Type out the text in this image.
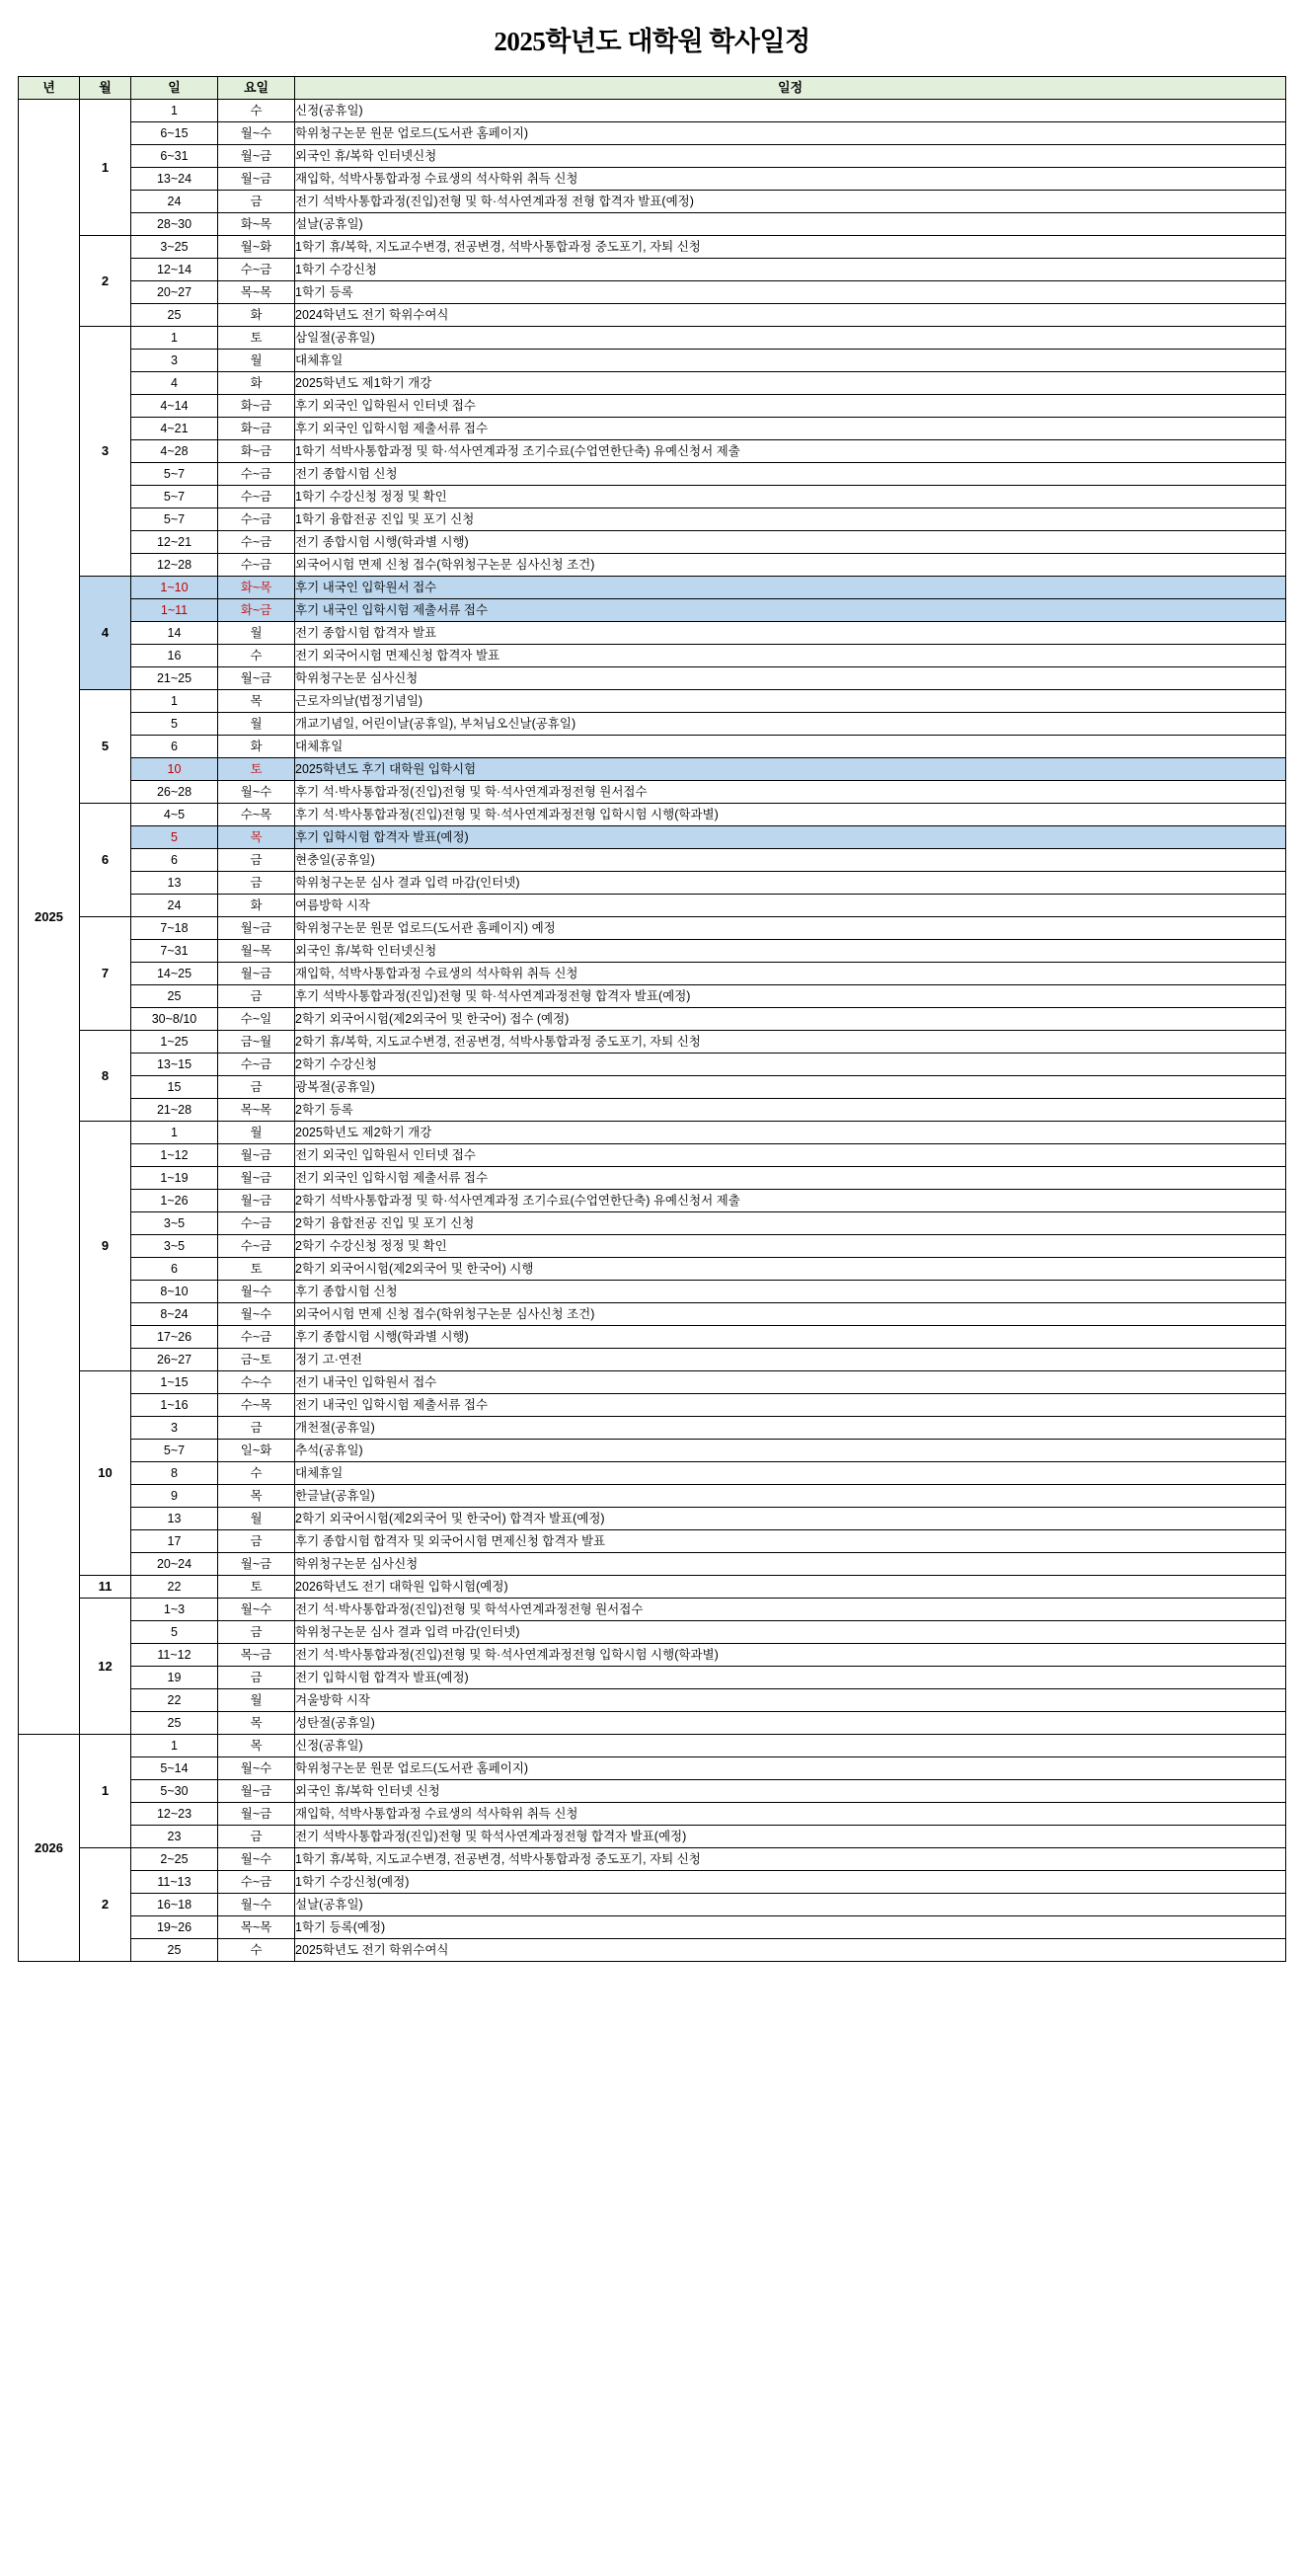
2025학년도 대학원 학사일정
년	월	일	요일	일정
2025	1	1	수	신정(공휴일)
		6~15	월~수	학위청구논문 원문 업로드(도서관 홈페이지)
		6~31	월~금	외국인 휴/복학 인터넷신청
		13~24	월~금	재입학, 석박사통합과정 수료생의 석사학위 취득 신청
		24	금	전기 석박사통합과정(진입)전형 및 학·석사연계과정 전형 합격자 발표(예정)
		28~30	화~목	설날(공휴일)
	2	3~25	월~화	1학기 휴/복학, 지도교수변경, 전공변경, 석박사통합과정 중도포기, 자퇴 신청
		12~14	수~금	1학기 수강신청
		20~27	목~목	1학기 등록
		25	화	2024학년도 전기 학위수여식
	3	1	토	삼일절(공휴일)
		3	월	대체휴일
		4	화	2025학년도 제1학기 개강
		4~14	화~금	후기 외국인 입학원서 인터넷 접수
		4~21	화~금	후기 외국인 입학시험 제출서류 접수
		4~28	화~금	1학기 석박사통합과정 및 학·석사연계과정 조기수료(수업연한단축) 유예신청서 제출
		5~7	수~금	전기 종합시험 신청
		5~7	수~금	1학기 수강신청 정정 및 확인
		5~7	수~금	1학기 융합전공 진입 및 포기 신청
		12~21	수~금	전기 종합시험 시행(학과별 시행)
		12~28	수~금	외국어시험 면제 신청 접수(학위청구논문 심사신청 조건)
	4	1~10	화~목	후기 내국인 입학원서 접수
		1~11	화~금	후기 내국인 입학시험 제출서류 접수
		14	월	전기 종합시험 합격자 발표
		16	수	전기 외국어시험 면제신청 합격자 발표
		21~25	월~금	학위청구논문 심사신청
	5	1	목	근로자의날(법정기념일)
		5	월	개교기념일, 어린이날(공휴일), 부처님오신날(공휴일)
		6	화	대체휴일
		10	토	2025학년도 후기 대학원 입학시험
		26~28	월~수	후기 석·박사통합과정(진입)전형 및 학·석사연계과정전형 원서접수
	6	4~5	수~목	후기 석·박사통합과정(진입)전형 및 학·석사연계과정전형 입학시험 시행(학과별)
		5	목	후기 입학시험 합격자 발표(예정)
		6	금	현충일(공휴일)
		13	금	학위청구논문 심사 결과 입력 마감(인터넷)
		24	화	여름방학 시작
	7	7~18	월~금	학위청구논문 원문 업로드(도서관 홈페이지) 예정
		7~31	월~목	외국인 휴/복학 인터넷신청
		14~25	월~금	재입학, 석박사통합과정 수료생의 석사학위 취득 신청
		25	금	후기 석박사통합과정(진입)전형 및 학·석사연계과정전형 합격자 발표(예정)
		30~8/10	수~일	2학기 외국어시험(제2외국어 및 한국어) 접수 (예정)
	8	1~25	금~월	2학기 휴/복학, 지도교수변경, 전공변경, 석박사통합과정 중도포기, 자퇴 신청
		13~15	수~금	2학기 수강신청
		15	금	광복절(공휴일)
		21~28	목~목	2학기 등록
	9	1	월	2025학년도 제2학기 개강
		1~12	월~금	전기 외국인 입학원서 인터넷 접수
		1~19	월~금	전기 외국인 입학시험 제출서류 접수
		1~26	월~금	2학기 석박사통합과정 및 학·석사연계과정 조기수료(수업연한단축) 유예신청서 제출
		3~5	수~금	2학기 융합전공 진입 및 포기 신청
		3~5	수~금	2학기 수강신청 정정 및 확인
		6	토	2학기 외국어시험(제2외국어 및 한국어) 시행
		8~10	월~수	후기 종합시험 신청
		8~24	월~수	외국어시험 면제 신청 접수(학위청구논문 심사신청 조건)
		17~26	수~금	후기 종합시험 시행(학과별 시행)
		26~27	금~토	정기 고·연전
	10	1~15	수~수	전기 내국인 입학원서 접수
		1~16	수~목	전기 내국인 입학시험 제출서류 접수
		3	금	개천절(공휴일)
		5~7	일~화	추석(공휴일)
		8	수	대체휴일
		9	목	한글날(공휴일)
		13	월	2학기 외국어시험(제2외국어 및 한국어) 합격자 발표(예정)
		17	금	후기 종합시험 합격자 및 외국어시험 면제신청 합격자 발표
		20~24	월~금	학위청구논문 심사신청
	11	22	토	2026학년도 전기 대학원 입학시험(예정)
	12	1~3	월~수	전기 석·박사통합과정(진입)전형 및 학석사연계과정전형 원서접수
		5	금	학위청구논문 심사 결과 입력 마감(인터넷)
		11~12	목~금	전기 석·박사통합과정(진입)전형 및 학·석사연계과정전형 입학시험 시행(학과별)
		19	금	전기 입학시험 합격자 발표(예정)
		22	월	겨울방학 시작
		25	목	성탄절(공휴일)
2026	1	1	목	신정(공휴일)
		5~14	월~수	학위청구논문 원문 업로드(도서관 홈페이지)
		5~30	월~금	외국인 휴/복학 인터넷 신청
		12~23	월~금	재입학, 석박사통합과정 수료생의 석사학위 취득 신청
		23	금	전기 석박사통합과정(진입)전형 및 학석사연계과정전형 합격자 발표(예정)
	2	2~25	월~수	1학기 휴/복학, 지도교수변경, 전공변경, 석박사통합과정 중도포기, 자퇴 신청
		11~13	수~금	1학기 수강신청(예정)
		16~18	월~수	설날(공휴일)
		19~26	목~목	1학기 등록(예정)
		25	수	2025학년도 전기 학위수여식
